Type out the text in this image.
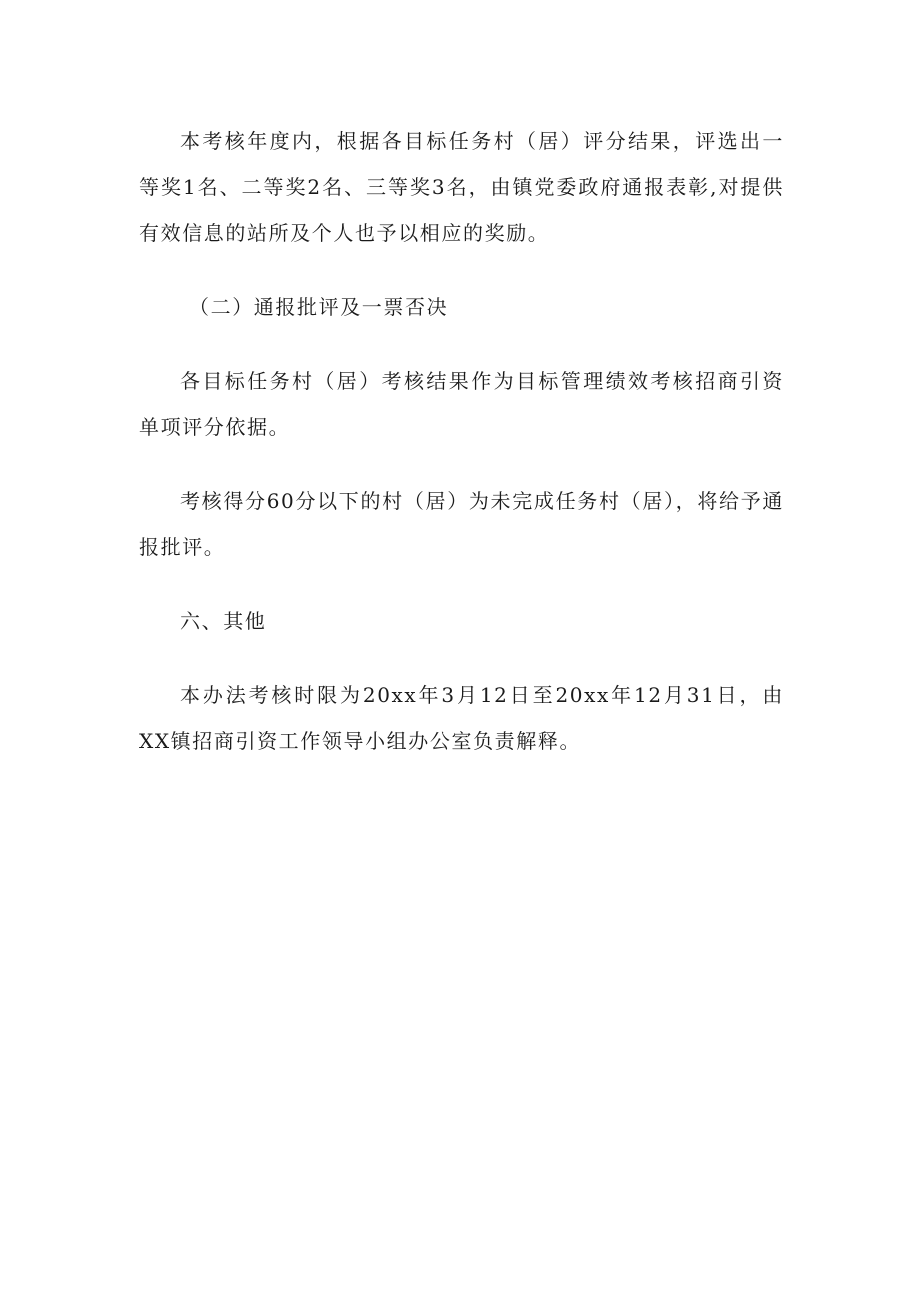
本考核年度内，根据各目标任务村（居）评分结果，评选出一等奖1名、二等奖2名、三等奖3名，由镇党委政府通报表彰,对提供有效信息的站所及个人也予以相应的奖励。

（二）通报批评及一票否决

各目标任务村（居）考核结果作为目标管理绩效考核招商引资单项评分依据。

考核得分60分以下的村（居）为未完成任务村（居），将给予通报批评。

六、其他

本办法考核时限为20xx年3月12日至20xx年12月31日，由XX镇招商引资工作领导小组办公室负责解释。
